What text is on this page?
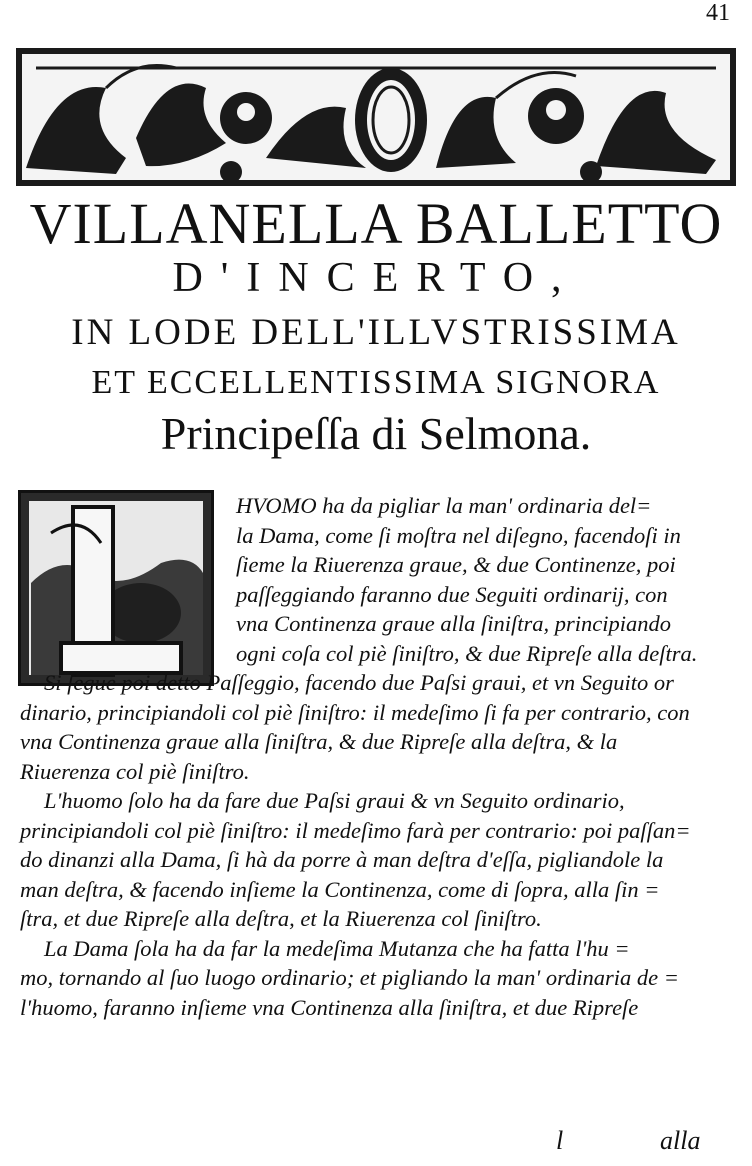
41
VILLANELLA BALLETTO
D'INCERTO,
IN LODE DELL'ILLVSTRISSIMA
ET ECCELLENTISSIMA SIGNORA
Principeſſa di Selmona.
HVOMO ha da pigliar la man' ordinaria del=
la Dama, come ſi moſtra nel diſegno, facendoſi in
ſieme la Riuerenza graue, & due Continenze, poi
paſſeggiando faranno due Seguiti ordinarij, con
vna Continenza graue alla ſiniſtra, principiando
ogni coſa col piè ſiniſtro, & due Ripreſe alla deſtra.
Si ſegue poi detto Paſſeggio, facendo due Paſsi graui, et vn Seguito or
dinario, principiandoli col piè ſiniſtro: il medeſimo ſi fa per contrario, con
vna Continenza graue alla ſiniſtra, & due Ripreſe alla deſtra, & la
Riuerenza col piè ſiniſtro.
L'huomo ſolo ha da fare due Paſsi graui & vn Seguito ordinario,
principiandoli col piè ſiniſtro: il medeſimo farà per contrario: poi paſſan=
do dinanzi alla Dama, ſi hà da porre à man deſtra d'eſſa, pigliandole la
man deſtra, & facendo inſieme la Continenza, come di ſopra, alla ſin =
ſtra, et due Ripreſe alla deſtra, et la Riuerenza col ſiniſtro.
La Dama ſola ha da far la medeſima Mutanza che ha fatta l'hu =
mo, tornando al ſuo luogo ordinario; et pigliando la man' ordinaria de =
l'huomo, faranno inſieme vna Continenza alla ſiniſtra, et due Ripreſe
l	alla
